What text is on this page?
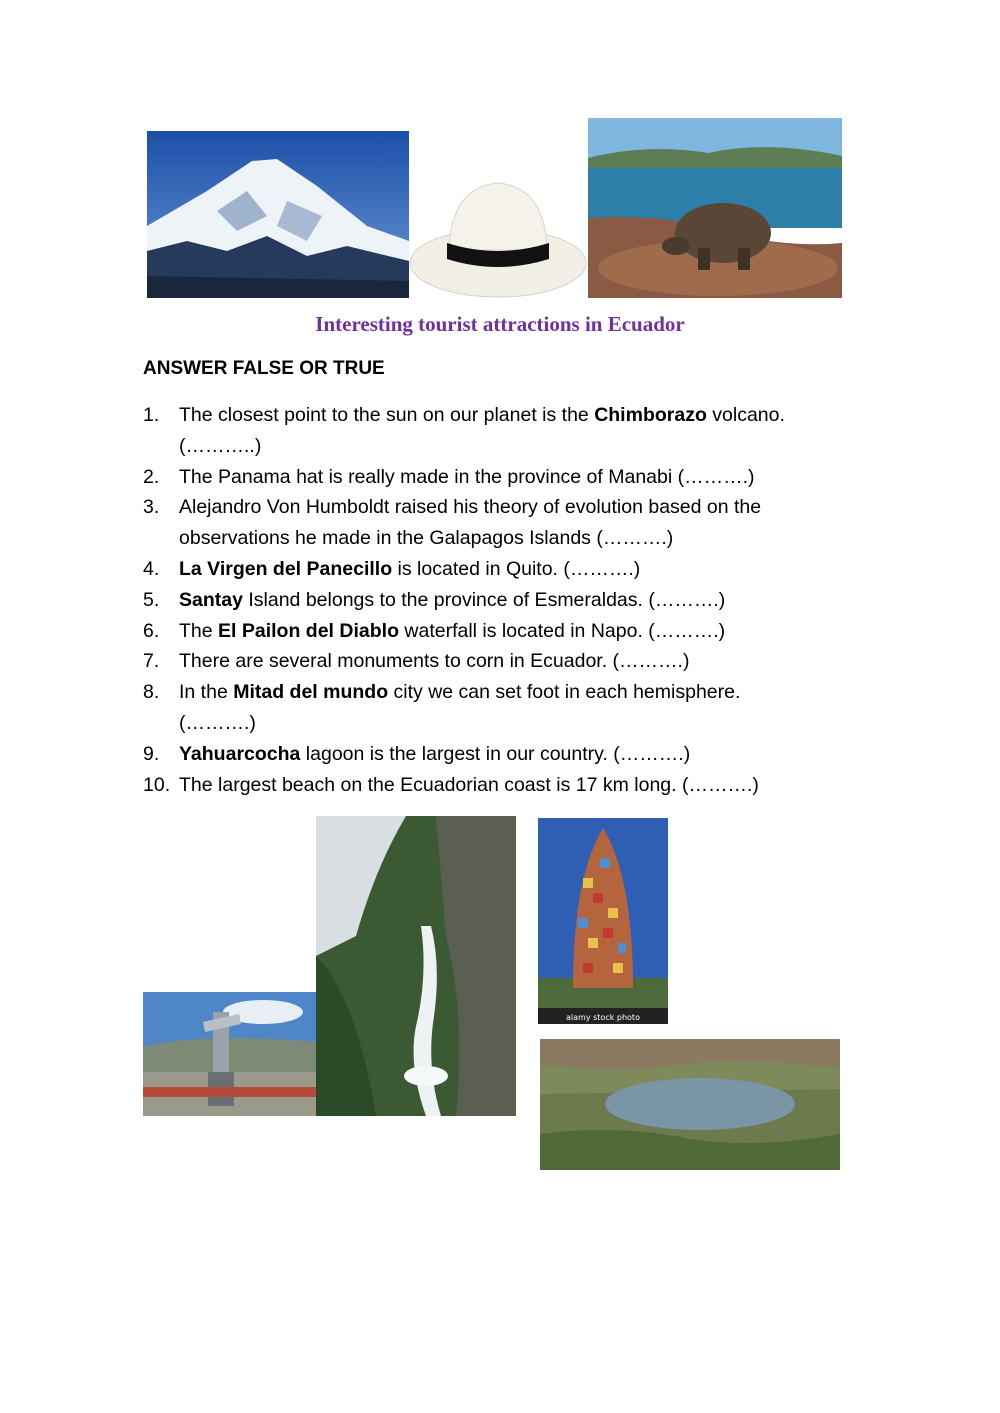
Interesting tourist attractions in Ecuador
ANSWER FALSE OR TRUE
1. The closest point to the sun on our planet is the Chimborazo volcano.
(………..)
2. The Panama hat is really made in the province of Manabi (……….)
3. Alejandro Von Humboldt raised his theory of evolution based on the
observations he made in the Galapagos Islands (……….)
4. La Virgen del Panecillo is located in Quito. (……….)
5. Santay Island belongs to the province of Esmeraldas. (……….)
6. The El Pailon del Diablo waterfall is located in Napo. (……….)
7. There are several monuments to corn in Ecuador. (……….)
8. In the Mitad del mundo city we can set foot in each hemisphere.
(……….)
9. Yahuarcocha lagoon is the largest in our country. (……….)
10. The largest beach on the Ecuadorian coast is 17 km long. (……….)
alamy stock photo
